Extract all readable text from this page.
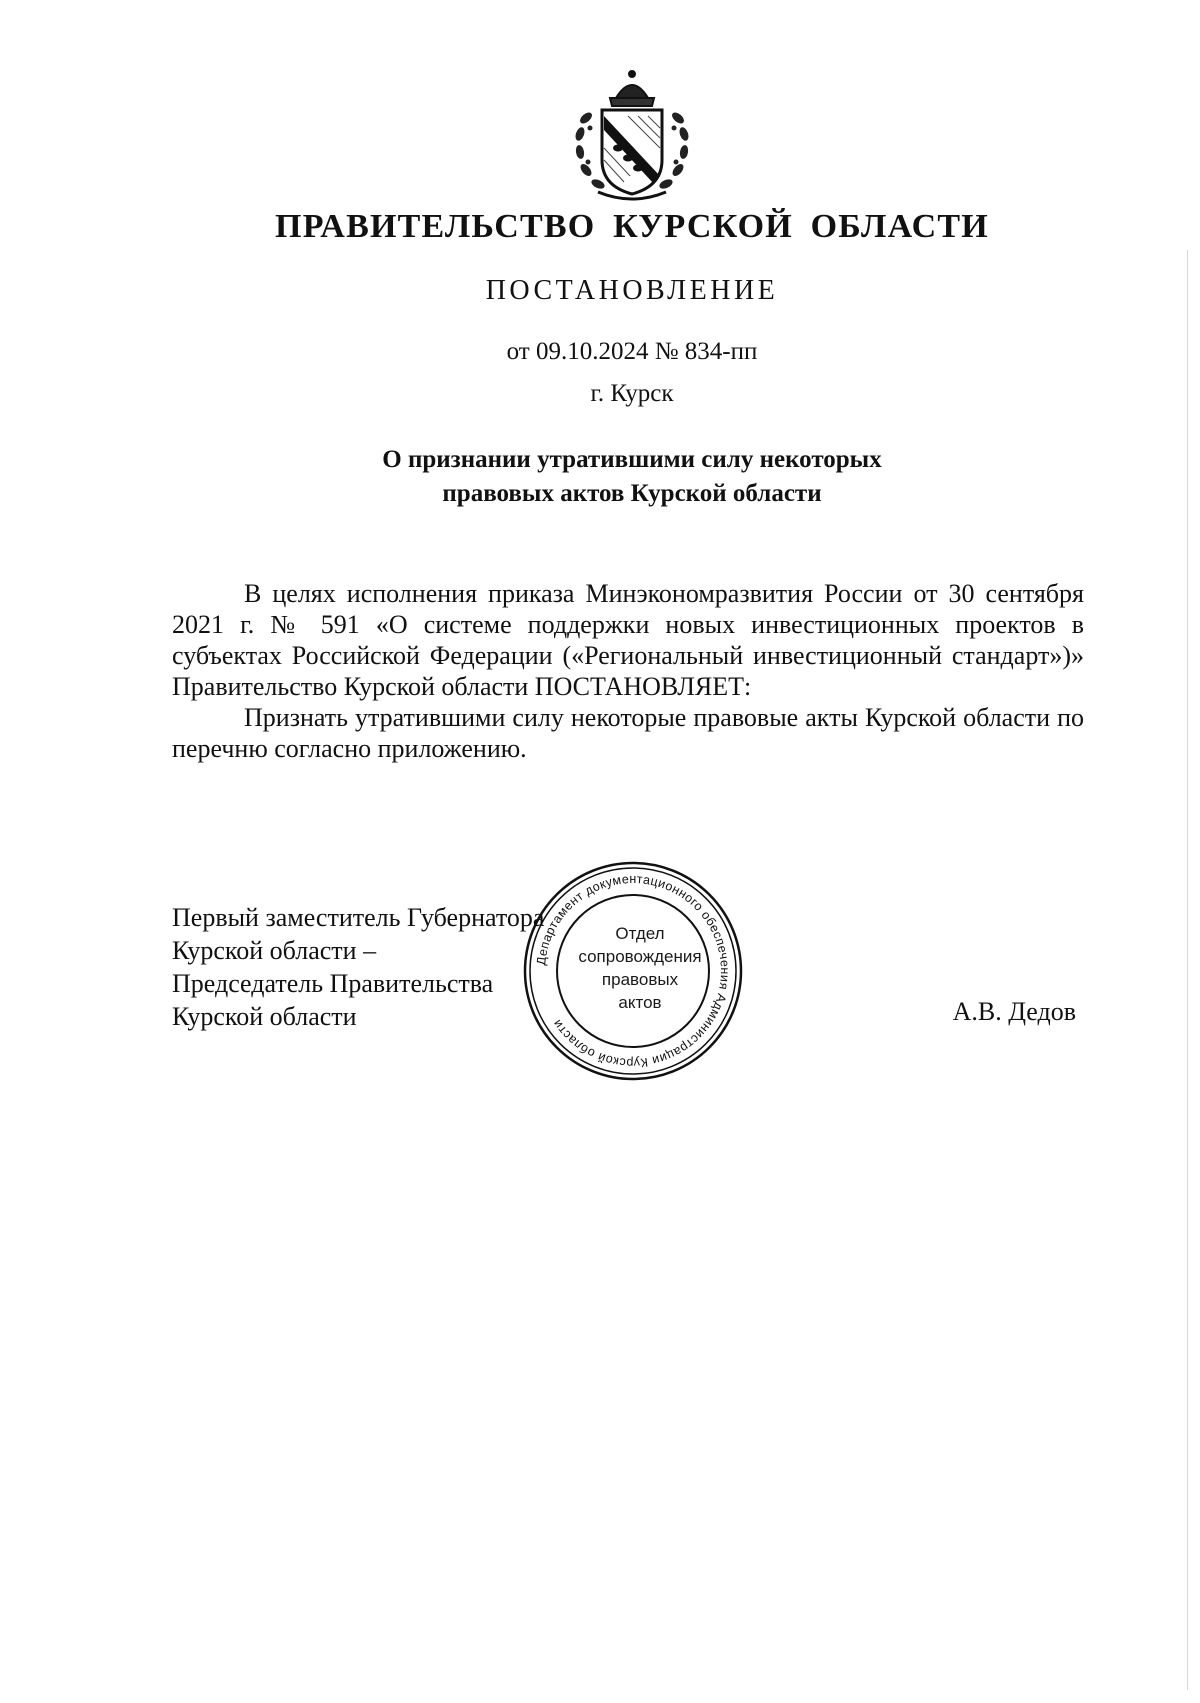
ПРАВИТЕЛЬСТВО КУРСКОЙ ОБЛАСТИ
ПОСТАНОВЛЕНИЕ
от 09.10.2024 № 834-пп
г. Курск
О признании утратившими силу некоторых
правовых актов Курской области

В целях исполнения приказа Минэкономразвития России от 30 сентября 2021 г. № 591 «О системе поддержки новых инвестиционных проектов в субъектах Российской Федерации («Региональный инвестиционный стандарт»)» Правительство Курской области ПОСТАНОВЛЯЕТ:

Признать утратившими силу некоторые правовые акты Курской области по перечню согласно приложению.

Первый заместитель Губернатора
Курской области –
Председатель Правительства
Курской области	А.В. Дедов
Департамент документационного обеспечения Администрации Курской области
Отдел
сопровождения
правовых
актов
